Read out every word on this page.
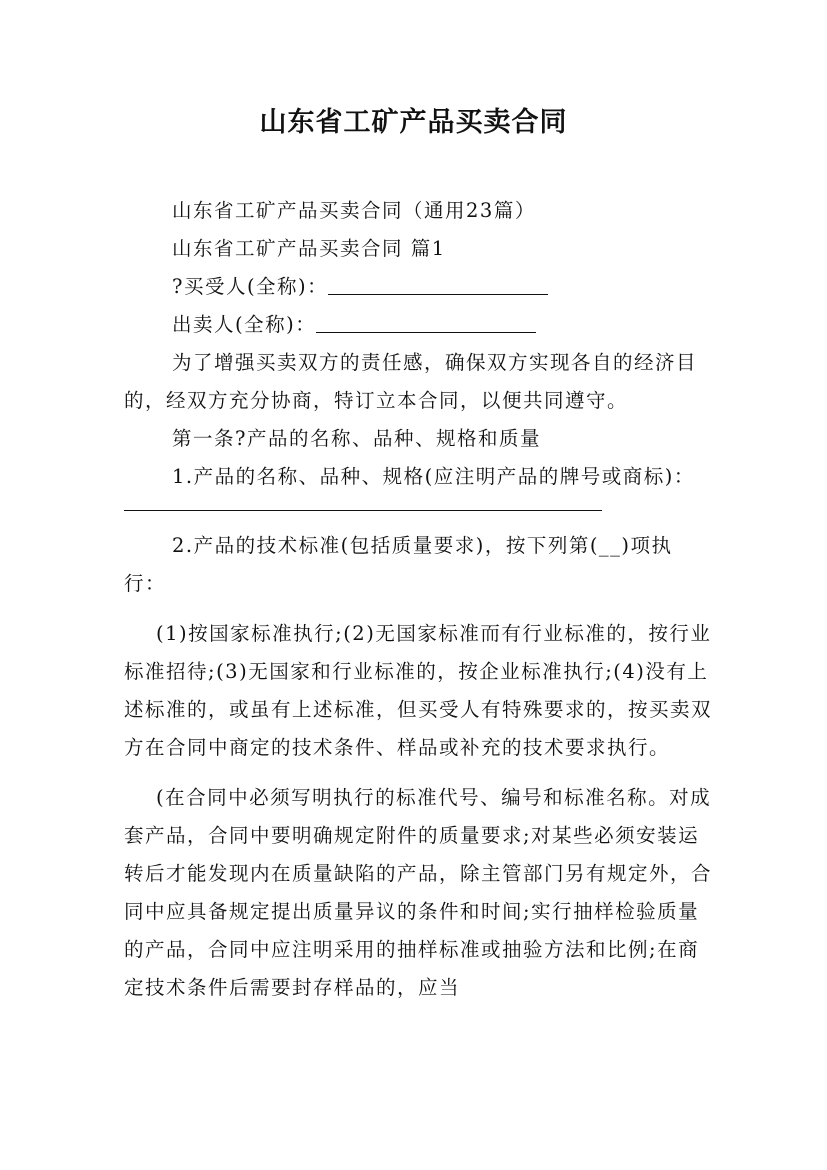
山东省工矿产品买卖合同

山东省工矿产品买卖合同（通用23篇）

山东省工矿产品买卖合同 篇1

?买受人(全称)：

出卖人(全称)：

为了增强买卖双方的责任感，确保双方实现各自的经济目的，经双方充分协商，特订立本合同，以便共同遵守。

第一条?产品的名称、品种、规格和质量

1.产品的名称、品种、规格(应注明产品的牌号或商标)：

2.产品的技术标准(包括质量要求)，按下列第(__)项执行：

(1)按国家标准执行;(2)无国家标准而有行业标准的，按行业标准招待;(3)无国家和行业标准的，按企业标准执行;(4)没有上述标准的，或虽有上述标准，但买受人有特殊要求的，按买卖双方在合同中商定的技术条件、样品或补充的技术要求执行。

(在合同中必须写明执行的标准代号、编号和标准名称。对成套产品，合同中要明确规定附件的质量要求;对某些必须安装运转后才能发现内在质量缺陷的产品，除主管部门另有规定外，合同中应具备规定提出质量异议的条件和时间;实行抽样检验质量的产品，合同中应注明采用的抽样标准或抽验方法和比例;在商定技术条件后需要封存样品的，应当
